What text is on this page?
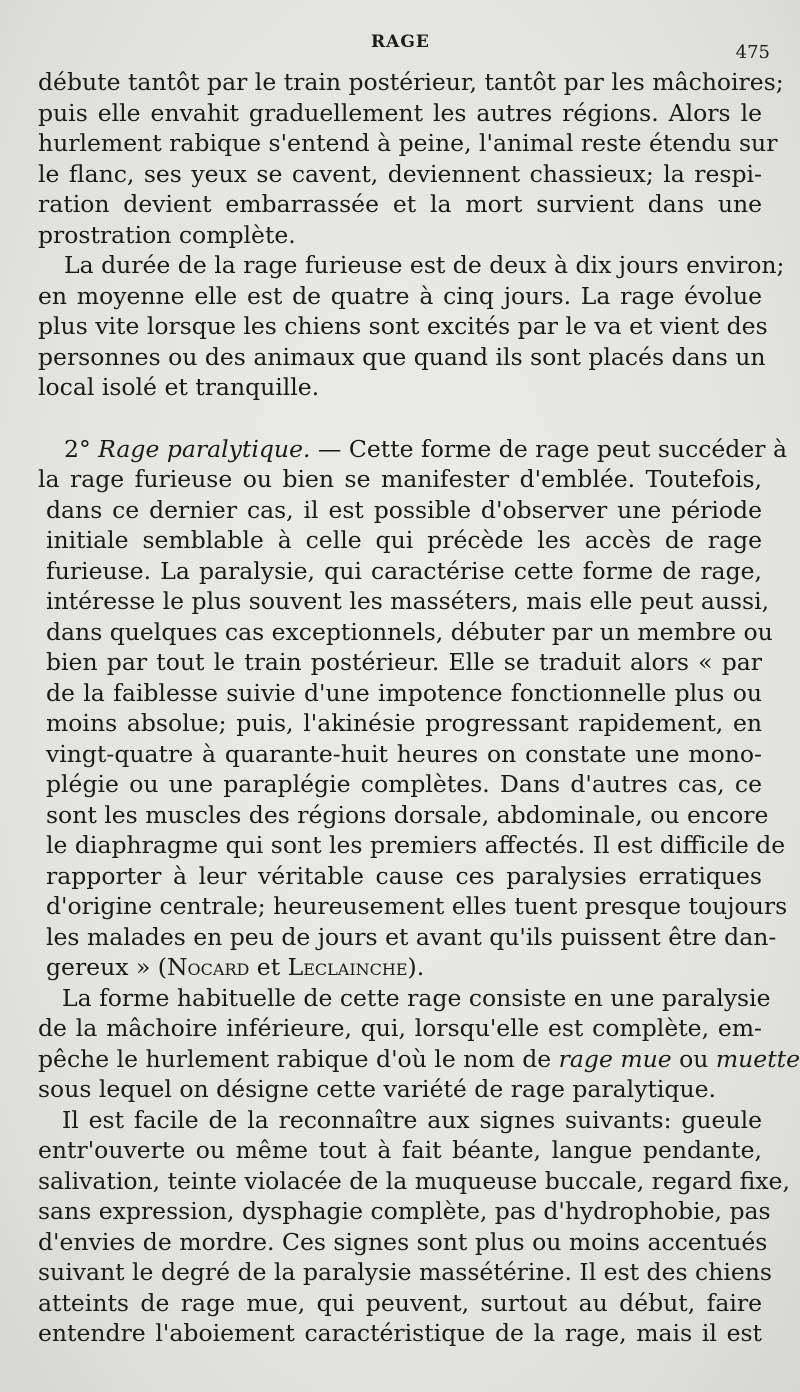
RAGE	475
débute tantôt par le train postérieur, tantôt par les mâchoires;
puis elle envahit graduellement les autres régions. Alors le
hurlement rabique s'entend à peine, l'animal reste étendu sur
le flanc, ses yeux se cavent, deviennent chassieux; la respi-
ration devient embarrassée et la mort survient dans une
prostration complète.
La durée de la rage furieuse est de deux à dix jours environ;
en moyenne elle est de quatre à cinq jours. La rage évolue
plus vite lorsque les chiens sont excités par le va et vient des
personnes ou des animaux que quand ils sont placés dans un
local isolé et tranquille.
2° Rage paralytique. — Cette forme de rage peut succéder à
la rage furieuse ou bien se manifester d'emblée. Toutefois,
dans ce dernier cas, il est possible d'observer une période
initiale semblable à celle qui précède les accès de rage
furieuse. La paralysie, qui caractérise cette forme de rage,
intéresse le plus souvent les masséters, mais elle peut aussi,
dans quelques cas exceptionnels, débuter par un membre ou
bien par tout le train postérieur. Elle se traduit alors « par
de la faiblesse suivie d'une impotence fonctionnelle plus ou
moins absolue; puis, l'akinésie progressant rapidement, en
vingt-quatre à quarante-huit heures on constate une mono-
plégie ou une paraplégie complètes. Dans d'autres cas, ce
sont les muscles des régions dorsale, abdominale, ou encore
le diaphragme qui sont les premiers affectés. Il est difficile de
rapporter à leur véritable cause ces paralysies erratiques
d'origine centrale; heureusement elles tuent presque toujours
les malades en peu de jours et avant qu'ils puissent être dan-
gereux » (Nocard et Leclainche).
La forme habituelle de cette rage consiste en une paralysie
de la mâchoire inférieure, qui, lorsqu'elle est complète, em-
pêche le hurlement rabique d'où le nom de rage mue ou muette
sous lequel on désigne cette variété de rage paralytique.
Il est facile de la reconnaître aux signes suivants: gueule
entr'ouverte ou même tout à fait béante, langue pendante,
salivation, teinte violacée de la muqueuse buccale, regard fixe,
sans expression, dysphagie complète, pas d'hydrophobie, pas
d'envies de mordre. Ces signes sont plus ou moins accentués
suivant le degré de la paralysie massétérine. Il est des chiens
atteints de rage mue, qui peuvent, surtout au début, faire
entendre l'aboiement caractéristique de la rage, mais il est
